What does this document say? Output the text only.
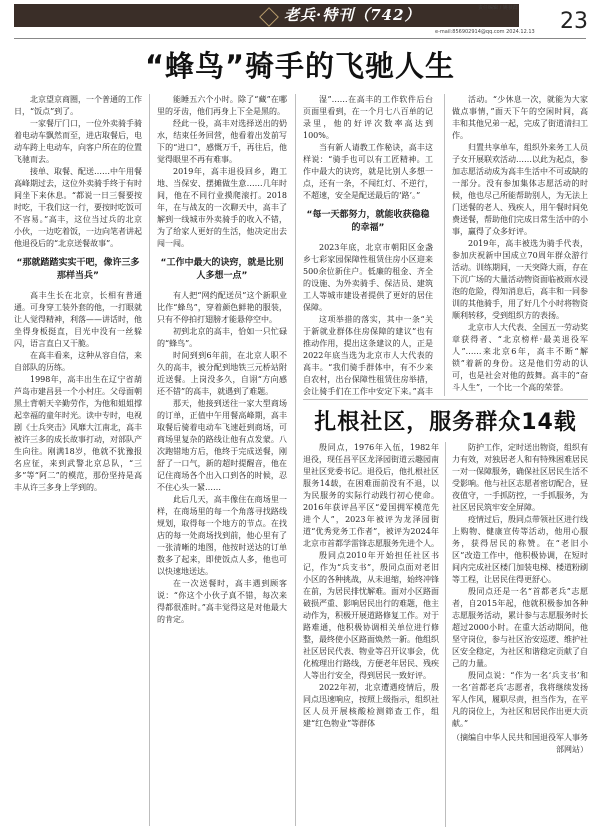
老兵·特刊（742）	责任编辑 / 姚获群
e-mail:856902914@qq.com 2024.12.13 23
“蜂鸟”骑手的飞驰人生

北京望京商圈，一个普通的工作日，“饭点”到了。

一家餐厅门口，一位外卖骑手骑着电动车飘然而至，进店取餐后，电动车跨上电动车，向客户所在的位置飞驰而去。

接单、取餐、配送……中午用餐高峰期过去，这位外卖骑手终于有时间坐下来休息。“都说一日三餐要按时吃，干我们这一行，要按时吃饭可不容易。”高丰，这位当过兵的北京小伙，一边吃着饭，一边向笔者讲起他退役后的“北京送餐故事”。

“那就踏踏实实干吧，像许三多那样当兵”

高丰生长在北京，长相有普通通。可身穿工装外套的他，一打眼就让人觉得精神，利落——讲话时，他坐得身板挺直，目光中没有一丝躲闪，语言直白又干脆。

在高丰看来，这种从容自信，来自部队的历练。

1998年，高丰出生在辽宁省葫芦岛市建昌县一个小村庄。父母面朝黑土背朝天辛勤劳作，为他和姐姐撑起幸福的童年时光。读中专时，电视剧《士兵突击》风靡大江南北，高丰被许三多的成长故事打动，对部队产生向往。刚满18岁，他就不犹豫报名应征，来到武警北京总队，“三多”等“阿二”的模范，那份坚持是高丰从许三多身上学到的。

能睡五六个小时。除了“藏”在哪里的牙齿，他们再身上下全是黑的。

经此一役，高丰对选择送出的奶水，结束任务回营，他看着出发前写下的“进口”，感慨万千，再往后，他觉得眼里不再有难事。

2019年，高丰退役回乡，跑工地、当保安、摆摊做生意……几年时间，他在不同行业摸爬滚打。2018年，在与战友的一次聊天中，高丰了解到一线城市外卖骑手的收入不错，为了给家人更好的生活，他决定出去闯一闯。

“工作中最大的诀窍，就是比别人多想一点”

有人把“网约配送员”这个新职业比作“蜂鸟”，穿着颜色鲜艳的服装，只有不停拍打翅膀才能悬停空中。

初到北京的高丰，恰如一只忙碌的“蜂鸟”。

时间到到6年前，在北京人职不久的高丰，被分配到地铁三元桥站附近送餐。上岗没多久，自诩“方向感还不错”的高丰，就遇到了难题。

那天，他接到送往一家大型商场的订单，正值中午用餐高峰期，高丰取餐后骑着电动车飞速赶到商场，可商场里复杂的路线让他有点发蒙。八次跑错地方后，他终于完成送餐，刚舒了一口气，新的超时提醒音，他在记住商场各个出入口到各的时候，忍不住心头一紧……

此后几天，高丰像住在商场里一样，在商场里的每一个角落寻找路线规划，取得每一个地方的节点。在找店的每一处商场找到前，他心里有了一张清晰的地图，他按时送达的订单数多了起来，即使饭点人多，他也可以快速地送达。

在一次送餐时，高丰遇到顾客说：“你这个小伙子真不错，每次来得都很准时。”高丰觉得这是对他最大的肯定。

湿”……在高丰的工作软件后台页面里看到，在一个月七八百单的记录里，他的好评次数率高达到100%。

当有新人请教工作秘诀，高丰这样说：“骑手也可以有工匠精神。工作中最大的诀窍，就是比别人多想一点，还有一条，不闯红灯、不逆行，不超速，安全是配送最后的‘路’。”

“每一天都努力，就能收获稳稳的幸福”

2023年底，北京市朝阳区金盏乡七彩家园保障性租赁住房小区迎来500余位新住户。低廉的租金、齐全的设施、为外卖骑手、保洁员、建筑工人等城市建设者提供了更好的居住保障。

这项举措的落实，其中一条“关于新就业群体住房保障的建议”也有推动作用，提出这条建议的人，正是2022年底当选为北京市人大代表的高丰。“我们骑手群体中，有不少来自农村，出台保障性租赁住房举措，会让骑手们在工作中安定下来。”高丰

活动。“少休息一次，就能为大家做点事情，”面天下午的空闲时间，高丰和其他兄弟一起，完成了街道清扫工作。

归置共享单车，组织外来务工人员子女开展联欢活动……以此为起点，参加志愿活动成为高丰生活中不可或缺的一部分。没有参加集体志愿活动的时候，他也尽己所能帮助别人，为无法上门送餐的老人、残疾人，用午餐时间免费送餐，帮助他们完成日常生活中的小事，赢得了众多好评。

2019年，高丰被选为骑手代表，参加庆祝新中国成立70周年群众游行活动。训练期间，一天突降大雨，存在下沉广场的大量活动物资面临被雨水浸泡的危险，得知消息后，高丰和一同参训的其他骑手，用了好几个小时将物资顺利转移，受到组织方的表扬。

北京市人大代表、全国五一劳动奖章获得者、“北京榜样·最美退役军人”……来北京6年，高丰不断“解锁”着新的身份。这是他们劳动的认可，也是社会对他的鼓舞。高丰的“奋斗人生”，一个比一个高的荣誉。

扎根社区，服务群众14载

殷同点，1976年入伍，1982年退役，现任昌平区龙泽园街道云趣园南里社区党委书记。退役后，他扎根社区服务14载，在困难面前没有不退，以为民服务的实际行动践行初心使命。2016年获评昌平区“爱国拥军模范先进个人”，2023年被评为龙泽园街道“优秀党务工作者”，被评为2024年北京市首都学雷锋志愿服务先进个人。

殷同点2010年开始担任社区书记，作为“兵支书”，殷同点面对老旧小区的各种挑战，从未退缩，始终冲锋在前，为居民排忧解难。面对小区路面破损严重、影响居民出行的难题，他主动作为，积极开展道路修复工作。对于路难通，他积极协调相关单位进行修整，最终使小区路面焕然一新。他组织社区居民代表、物业等召开议事会，优化梳理出行路线，方便老年居民、残疾人等出行安全，得到居民一致好评。

2022年初，北京遭遇疫情后，殷同点迅速响应，按照上级指示，组织社区人员开展核酸检测筛查工作，组建“红色物业”等群体

防护工作，定时送出物资，组织有力有效，对独居老人和有特殊困难居民一对一保障服务，确保社区居民生活不受影响。他与社区志愿者密切配合，昼夜值守，一手抓防控，一手抓服务，为社区居民筑牢安全屏障。

疫情过后，殷同点带领社区进行线上购物、健康宣传等活动，他用心服务，获得居民的称赞。在“老旧小区”改造工作中，他积极协调，在短时间内完成社区楼门加装电梯、楼道粉刷等工程，让居民住得更舒心。

殷同点还是一名“首都老兵”志愿者，自2015年起，他就积极参加各种志愿服务活动，累计参与志愿服务时长超过2000小时。在重大活动期间，他坚守岗位，参与社区治安巡逻、维护社区安全稳定，为社区和谐稳定贡献了自己的力量。

殷同点说：“作为一名‘兵支书’和一名‘首都老兵’志愿者，我将继续发扬军人作风，履职尽责，担当作为，在平凡的岗位上，为社区和居民作出更大贡献。”

（摘编自中华人民共和国退役军人事务部网站）
